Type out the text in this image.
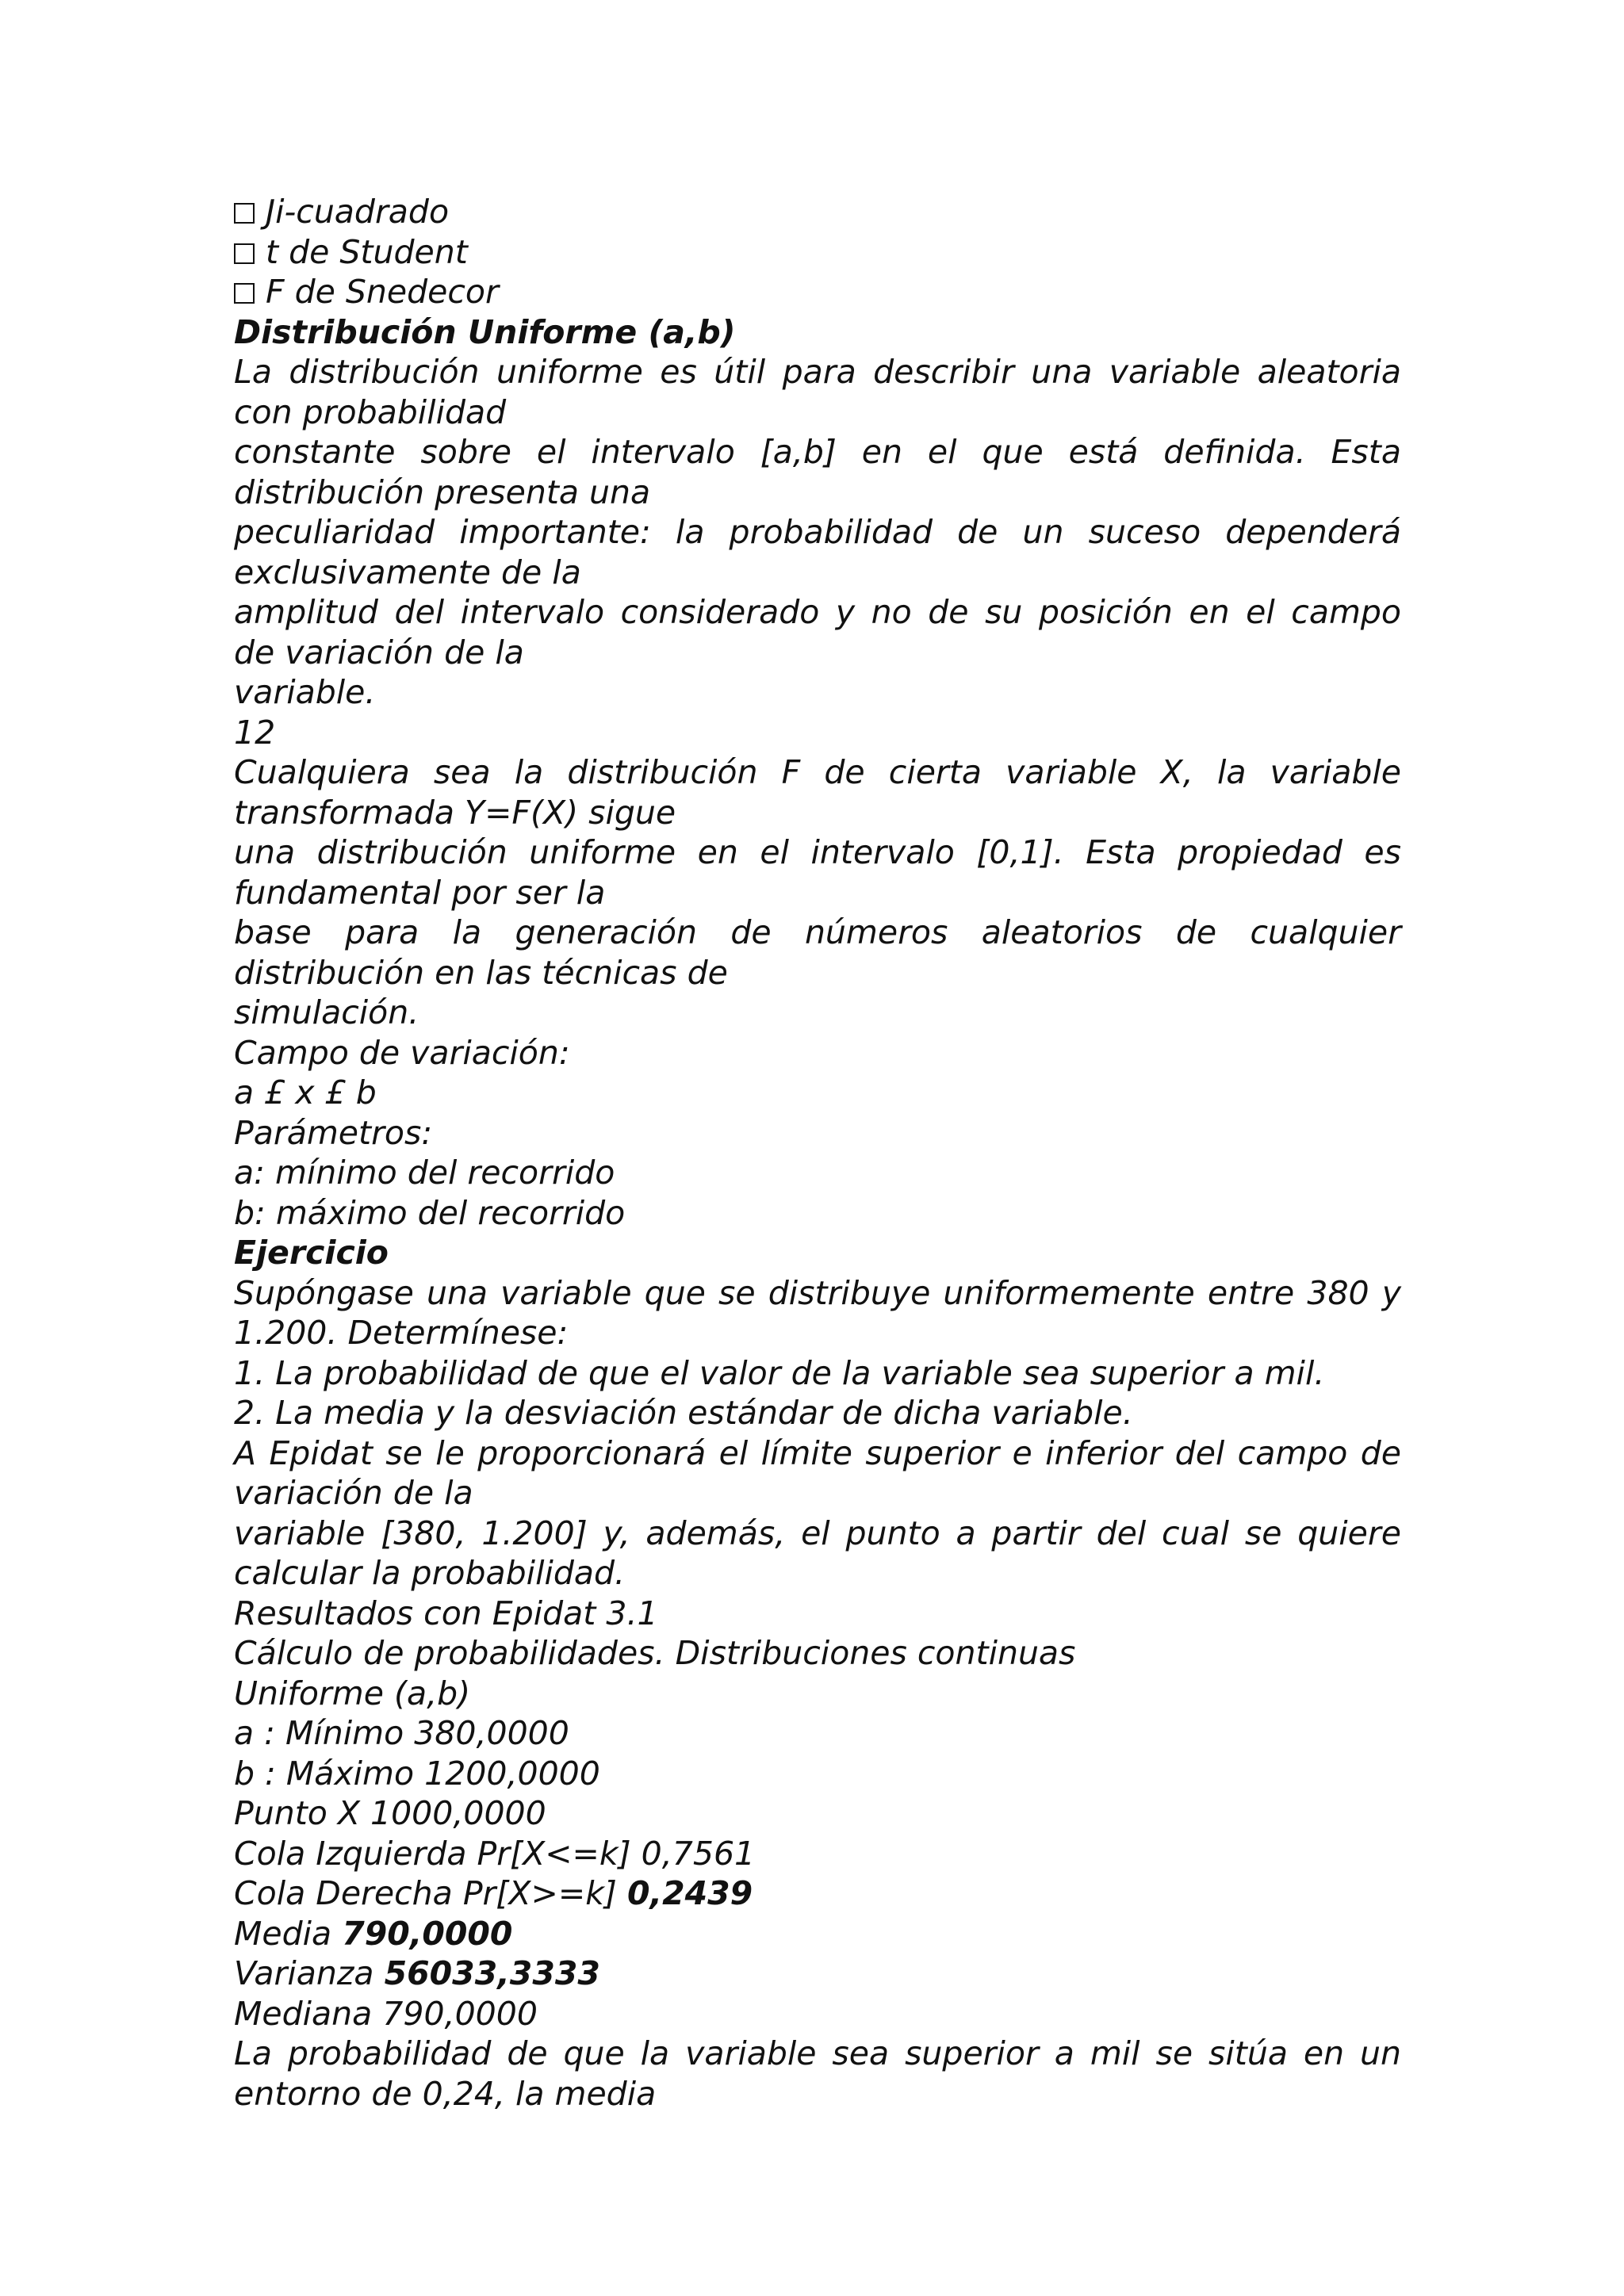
Ji-cuadrado
t de Student
F de Snedecor
Distribución Uniforme (a,b)
La distribución uniforme es útil para describir una variable aleatoria
con probabilidad
constante sobre el intervalo [a,b] en el que está definida. Esta
distribución presenta una
peculiaridad importante: la probabilidad de un suceso dependerá
exclusivamente de la
amplitud del intervalo considerado y no de su posición en el campo
de variación de la
variable.
12
Cualquiera sea la distribución F de cierta variable X, la variable
transformada Y=F(X) sigue
una distribución uniforme en el intervalo [0,1]. Esta propiedad es
fundamental por ser la
base para la generación de números aleatorios de cualquier
distribución en las técnicas de
simulación.
Campo de variación:
a £ x £ b
Parámetros:
a: mínimo del recorrido
b: máximo del recorrido
Ejercicio
Supóngase una variable que se distribuye uniformemente entre 380 y
1.200. Determínese:
1. La probabilidad de que el valor de la variable sea superior a mil.
2. La media y la desviación estándar de dicha variable.
A Epidat se le proporcionará el límite superior e inferior del campo de
variación de la
variable [380, 1.200] y, además, el punto a partir del cual se quiere
calcular la probabilidad.
Resultados con Epidat 3.1
Cálculo de probabilidades. Distribuciones continuas
Uniforme (a,b)
a : Mínimo 380,0000
b : Máximo 1200,0000
Punto X 1000,0000
Cola Izquierda Pr[X<=k] 0,7561
Cola Derecha Pr[X>=k] 0,2439
Media 790,0000
Varianza 56033,3333
Mediana 790,0000
La probabilidad de que la variable sea superior a mil se sitúa en un
entorno de 0,24, la media
